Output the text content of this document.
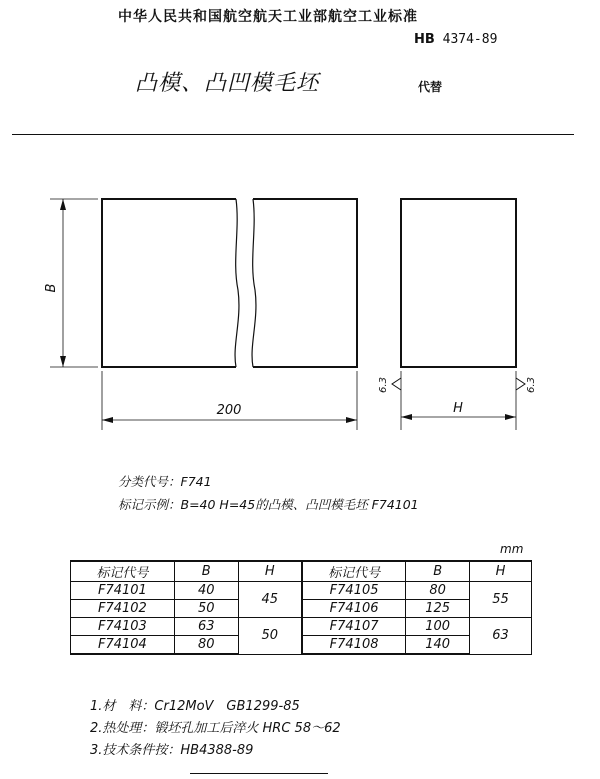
中华人民共和国航空航天工业部航空工业标准
HB 4374-89
凸模、凸凹模毛坯	代替
B
200	H
6.3	6.3
分类代号：F741
标记示例：B=40 H=45的凸模、凸凹模毛坯 F74101
mm
标记代号	B	H	标记代号	B	H
F74101	40	45	F74105	80	55
F74102	50		F74106	125	
F74103	63	50	F74107	100	63
F74104	80		F74108	140	
1.材　料：Cr12MoV　GB1299-85
2.热处理：锻坯孔加工后淬火 HRC 58～62
3.技术条件按：HB4388-89
